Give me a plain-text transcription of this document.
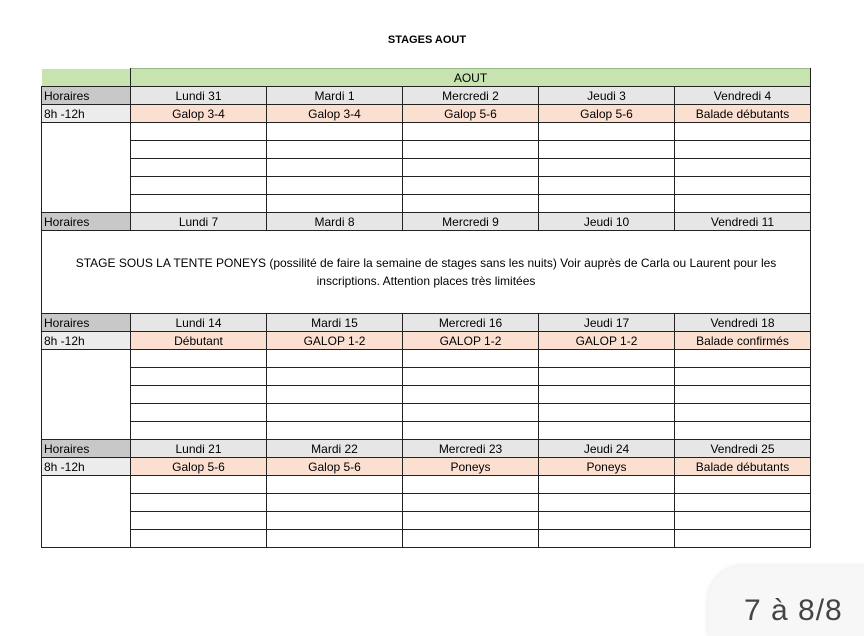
STAGES AOUT
	AOUT				
Horaires	Lundi 31	Mardi 1	Mercredi 2	Jeudi 3	Vendredi 4
8h -12h	Galop 3-4	Galop 3-4	Galop 5-6	Galop 5-6	Balade débutants

Horaires	Lundi 7	Mardi 8	Mercredi 9	Jeudi 10	Vendredi 11
STAGE SOUS LA TENTE PONEYS (possilité de faire la semaine de stages sans les nuits) Voir auprès de Carla ou Laurent pour les inscriptions. Attention places très limitées					
Horaires	Lundi 14	Mardi 15	Mercredi 16	Jeudi 17	Vendredi 18
8h -12h	Débutant	GALOP 1-2	GALOP 1-2	GALOP 1-2	Balade confirmés

Horaires	Lundi 21	Mardi 22	Mercredi 23	Jeudi 24	Vendredi 25
8h -12h	Galop 5-6	Galop 5-6	Poneys	Poneys	Balade débutants

7 à 8/8
